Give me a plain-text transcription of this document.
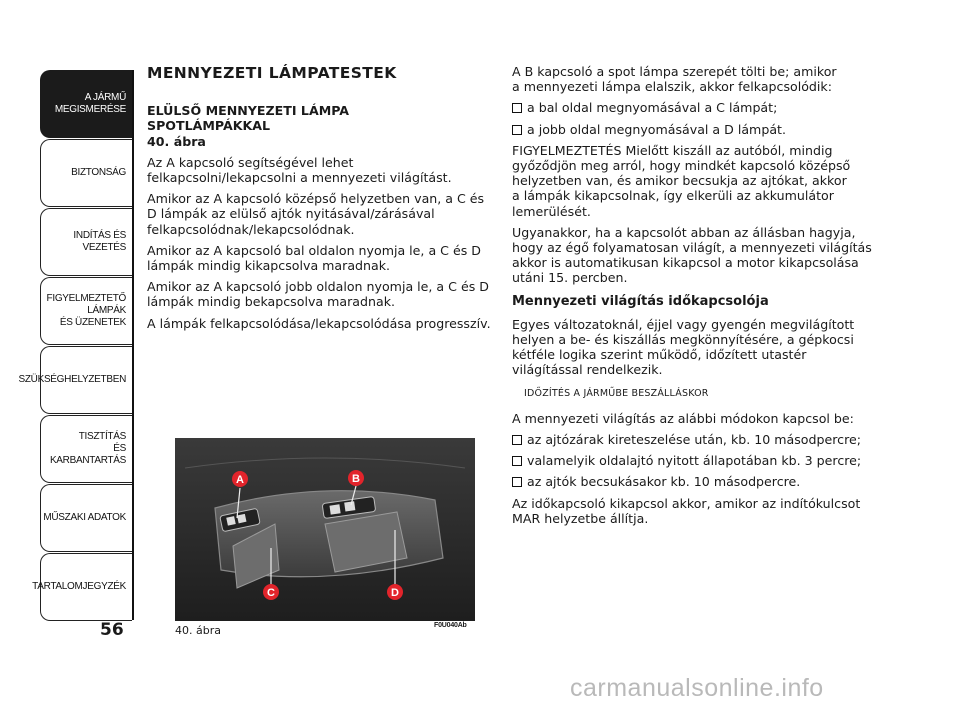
A JÁRMŰ
MEGISMERÉSE
BIZTONSÁG
INDÍTÁS ÉS VEZETÉS
FIGYELMEZTETŐ
LÁMPÁK
ÉS ÜZENETEK
SZÜKSÉGHELYZETBEN
TISZTÍTÁS
ÉS KARBANTARTÁS
MŰSZAKI ADATOK
TARTALOMJEGYZÉK
56
MENNYEZETI LÁMPATESTEK
ELÜLSŐ MENNYEZETI LÁMPA
SPOTLÁMPÁKKAL
40. ábra

Az A kapcsoló segítségével lehet
felkapcsolni/lekapcsolni a mennyezeti világítást.

Amikor az A kapcsoló középső helyzetben van, a C és
D lámpák az elülső ajtók nyitásával/zárásával
felkapcsolódnak/lekapcsolódnak.

Amikor az A kapcsoló bal oldalon nyomja le, a C és D
lámpák mindig kikapcsolva maradnak.

Amikor az A kapcsoló jobb oldalon nyomja le, a C és D
lámpák mindig bekapcsolva maradnak.

A lámpák felkapcsolódása/lekapcsolódása progresszív.

A B kapcsoló a spot lámpa szerepét tölti be; amikor
a mennyezeti lámpa elalszik, akkor felkapcsolódik:

a bal oldal megnyomásával a C lámpát;
a jobb oldal megnyomásával a D lámpát.

FIGYELMEZTETÉS Mielőtt kiszáll az autóból, mindig
győződjön meg arról, hogy mindkét kapcsoló középső
helyzetben van, és amikor becsukja az ajtókat, akkor
a lámpák kikapcsolnak, így elkerüli az akkumulátor
lemerülését.

Ugyanakkor, ha a kapcsolót abban az állásban hagyja,
hogy az égő folyamatosan világít, a mennyezeti világítás
akkor is automatikusan kikapcsol a motor kikapcsolása
utáni 15. percben.

Mennyezeti világítás időkapcsolója

Egyes változatoknál, éjjel vagy gyengén megvilágított
helyen a be- és kiszállás megkönnyítésére, a gépkocsi
kétféle logika szerint működő, időzített utastér
világítással rendelkezik.

IDŐZÍTÉS A JÁRMŰBE BESZÁLLÁSKOR

A mennyezeti világítás az alábbi módokon kapcsol be:

az ajtózárak kireteszelése után, kb. 10 másodpercre;
valamelyik oldalajtó nyitott állapotában kb. 3 percre;
az ajtók becsukásakor kb. 10 másodpercre.

Az időkapcsoló kikapcsol akkor, amikor az indítókulcsot
MAR helyzetbe állítja.

A	B
C	D
40. ábra	F0U040Ab
carmanualsonline.info
